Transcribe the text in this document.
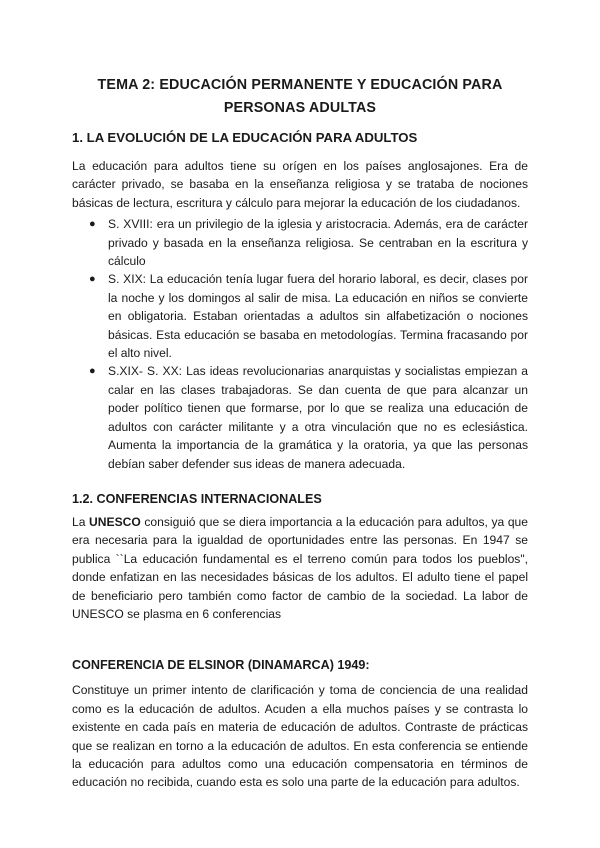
TEMA 2: EDUCACIÓN PERMANENTE Y EDUCACIÓN PARA
PERSONAS ADULTAS
1. LA EVOLUCIÓN DE LA EDUCACIÓN PARA ADULTOS

La educación para adultos tiene su orígen en los países anglosajones. Era de carácter privado, se basaba en la enseñanza religiosa y se trataba de nociones básicas de lectura, escritura y cálculo para mejorar la educación de los ciudadanos.

● S. XVIII: era un privilegio de la iglesia y aristocracia. Además, era de carácter privado y basada en la enseñanza religiosa. Se centraban en la escritura y cálculo
● S. XIX: La educación tenía lugar fuera del horario laboral, es decir, clases por la noche y los domingos al salir de misa. La educación en niños se convierte en obligatoria. Estaban orientadas a adultos sin alfabetización o nociones básicas. Esta educación se basaba en metodologías. Termina fracasando por el alto nivel.
● S.XIX- S. XX: Las ideas revolucionarias anarquistas y socialistas empiezan a calar en las clases trabajadoras. Se dan cuenta de que para alcanzar un poder político tienen que formarse, por lo que se realiza una educación de adultos con carácter militante y a otra vinculación que no es eclesiástica. Aumenta la importancia de la gramática y la oratoria, ya que las personas debían saber defender sus ideas de manera adecuada.
1.2. CONFERENCIAS INTERNACIONALES

La UNESCO consiguió que se diera importancia a la educación para adultos, ya que era necesaria para la igualdad de oportunidades entre las personas. En 1947 se publica ``La educación fundamental es el terreno común para todos los pueblos", donde enfatizan en las necesidades básicas de los adultos. El adulto tiene el papel de beneficiario pero también como factor de cambio de la sociedad. La labor de UNESCO se plasma en 6 conferencias

CONFERENCIA DE ELSINOR (DINAMARCA) 1949:

Constituye un primer intento de clarificación y toma de conciencia de una realidad como es la educación de adultos. Acuden a ella muchos países y se contrasta lo existente en cada país en materia de educación de adultos. Contraste de prácticas que se realizan en torno a la educación de adultos. En esta conferencia se entiende la educación para adultos como una educación compensatoria en términos de educación no recibida, cuando esta es solo una parte de la educación para adultos.
